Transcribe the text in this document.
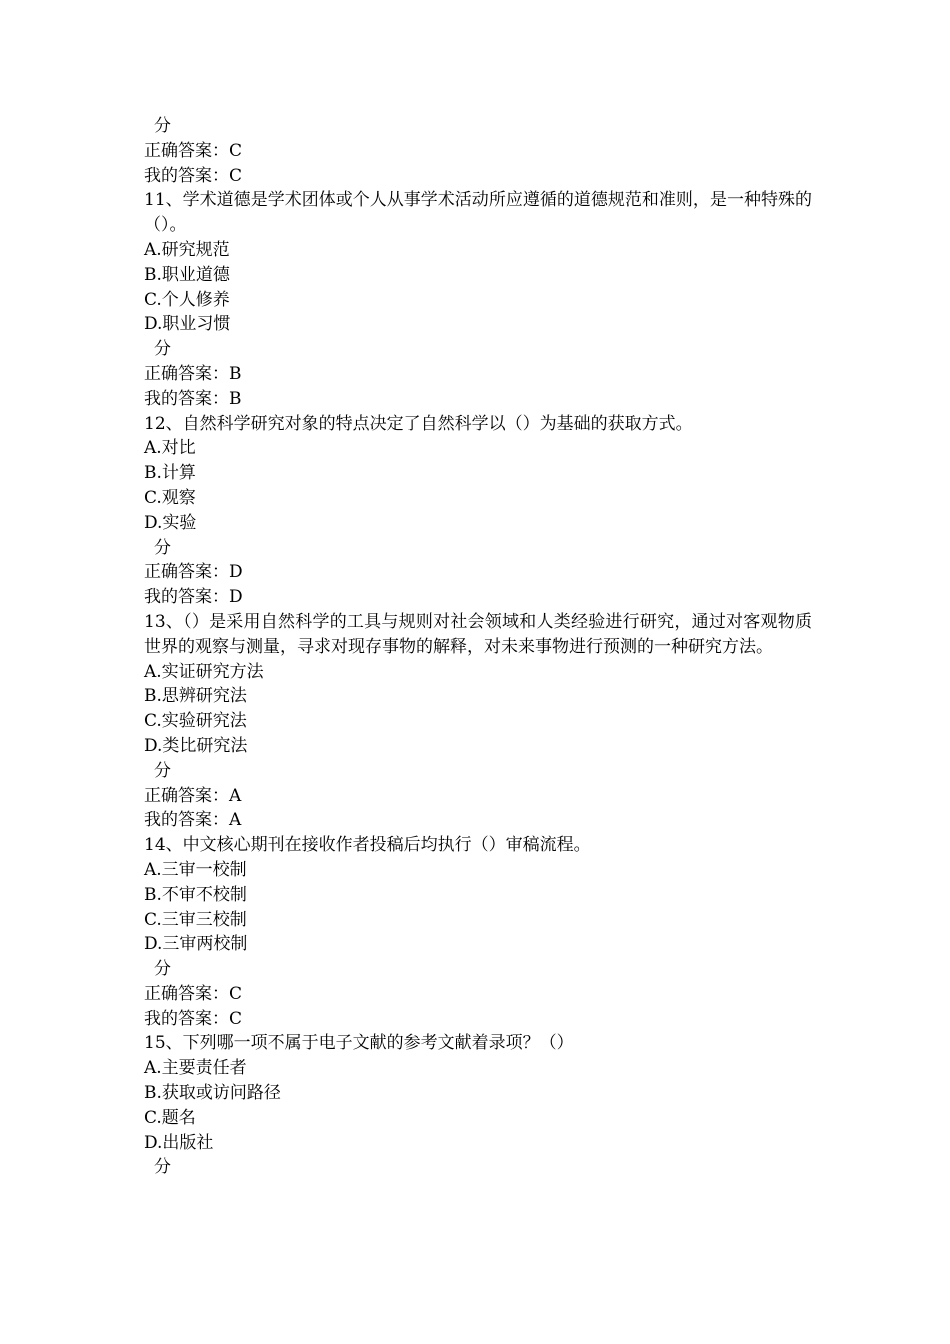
分
正确答案：C
我的答案：C
11、学术道德是学术团体或个人从事学术活动所应遵循的道德规范和准则，是一种特殊的（）。
A.研究规范
B.职业道德
C.个人修养
D.职业习惯
分
正确答案：B
我的答案：B
12、自然科学研究对象的特点决定了自然科学以（）为基础的获取方式。
A.对比
B.计算
C.观察
D.实验
分
正确答案：D
我的答案：D
13、（）是采用自然科学的工具与规则对社会领域和人类经验进行研究，通过对客观物质世界的观察与测量，寻求对现存事物的解释，对未来事物进行预测的一种研究方法。
A.实证研究方法
B.思辨研究法
C.实验研究法
D.类比研究法
分
正确答案：A
我的答案：A
14、中文核心期刊在接收作者投稿后均执行（）审稿流程。
A.三审一校制
B.不审不校制
C.三审三校制
D.三审两校制
分
正确答案：C
我的答案：C
15、下列哪一项不属于电子文献的参考文献着录项？（）
A.主要责任者
B.获取或访问路径
C.题名
D.出版社
分
